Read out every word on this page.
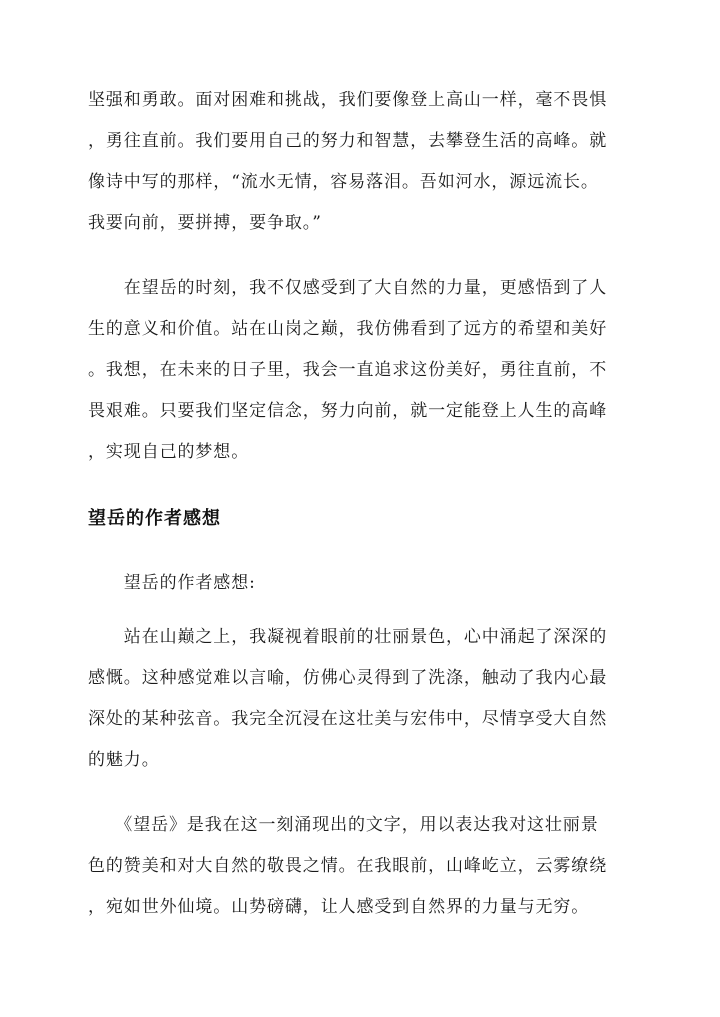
坚强和勇敢。面对困难和挑战，我们要像登上高山一样，毫不畏惧
，勇往直前。我们要用自己的努力和智慧，去攀登生活的高峰。就
像诗中写的那样，“流水无情，容易落泪。吾如河水，源远流长。
我要向前，要拼搏，要争取。”

　　在望岳的时刻，我不仅感受到了大自然的力量，更感悟到了人
生的意义和价值。站在山岗之巅，我仿佛看到了远方的希望和美好
。我想，在未来的日子里，我会一直追求这份美好，勇往直前，不
畏艰难。只要我们坚定信念，努力向前，就一定能登上人生的高峰
，实现自己的梦想。

望岳的作者感想

　　望岳的作者感想:

　　站在山巅之上，我凝视着眼前的壮丽景色，心中涌起了深深的
感慨。这种感觉难以言喻，仿佛心灵得到了洗涤，触动了我内心最
深处的某种弦音。我完全沉浸在这壮美与宏伟中，尽情享受大自然
的魅力。

　　《望岳》是我在这一刻涌现出的文字，用以表达我对这壮丽景
色的赞美和对大自然的敬畏之情。在我眼前，山峰屹立，云雾缭绕
，宛如世外仙境。山势磅礴，让人感受到自然界的力量与无穷。
